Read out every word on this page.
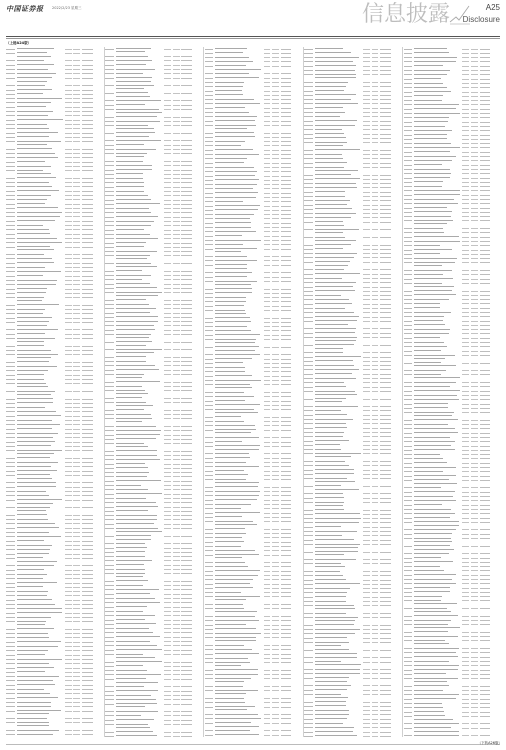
中国证券报 2022/2/23 星期三	信息披露	A25
Disclosure
（上接A24版）
（下转A26版）
